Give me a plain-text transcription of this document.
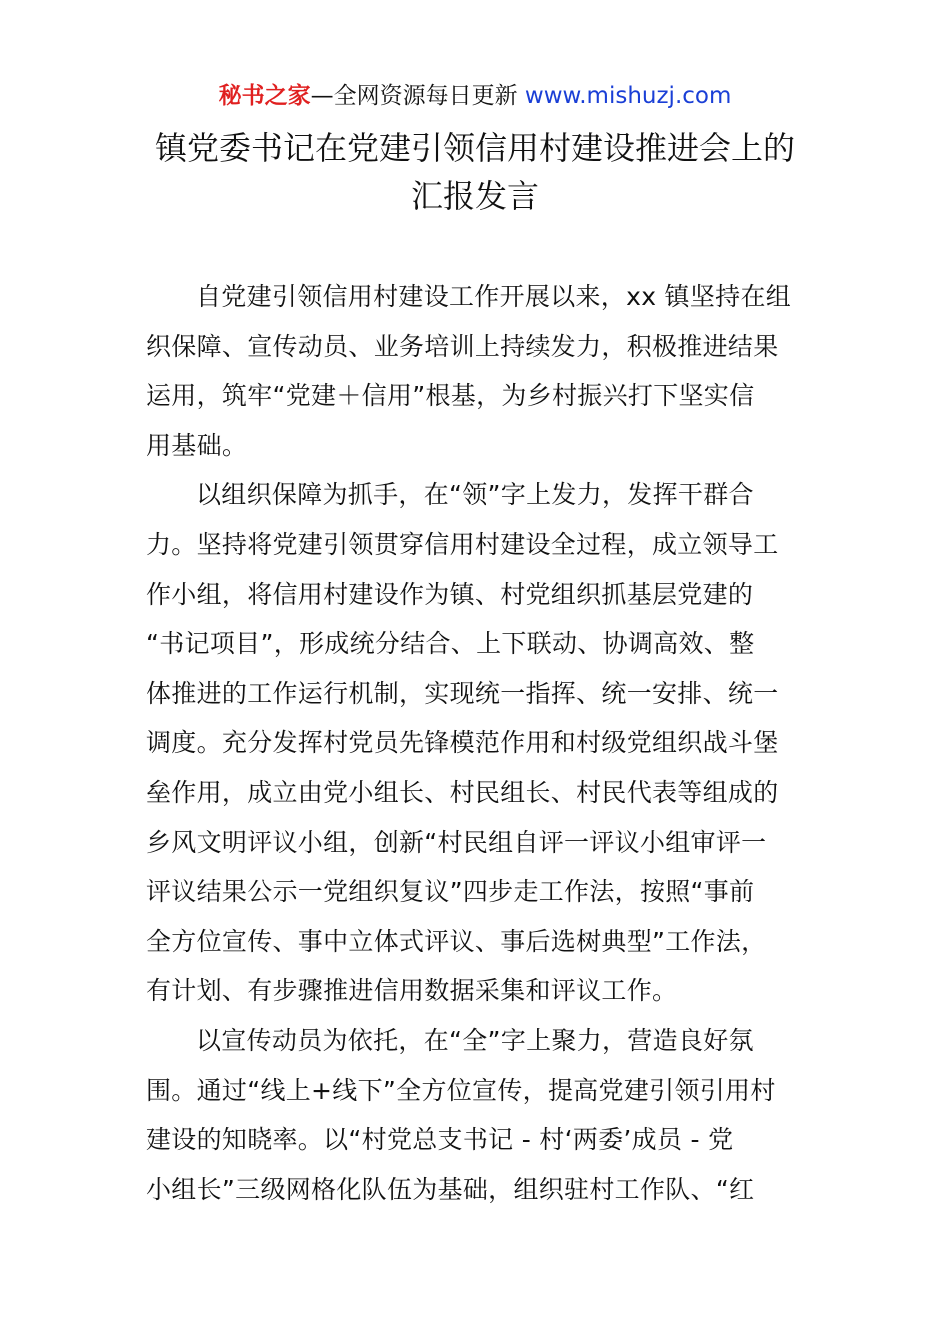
秘书之家—全网资源每日更新 www.mishuzj.com
镇党委书记在党建引领信用村建设推进会上的
汇报发言
自党建引领信用村建设工作开展以来，xx 镇坚持在组
织保障、宣传动员、业务培训上持续发力，积极推进结果
运用，筑牢“党建＋信用”根基，为乡村振兴打下坚实信
用基础。
以组织保障为抓手，在“领”字上发力，发挥干群合
力。坚持将党建引领贯穿信用村建设全过程，成立领导工
作小组，将信用村建设作为镇、村党组织抓基层党建的
“书记项目”，形成统分结合、上下联动、协调高效、整
体推进的工作运行机制，实现统一指挥、统一安排、统一
调度。充分发挥村党员先锋模范作用和村级党组织战斗堡
垒作用，成立由党小组长、村民组长、村民代表等组成的
乡风文明评议小组，创新“村民组自评一评议小组审评一
评议结果公示一党组织复议”四步走工作法，按照“事前
全方位宣传、事中立体式评议、事后选树典型”工作法，
有计划、有步骤推进信用数据采集和评议工作。
以宣传动员为依托，在“全”字上聚力，营造良好氛
围。通过“线上+线下”全方位宣传，提高党建引领引用村
建设的知晓率。以“村党总支书记 - 村‘两委’成员 - 党
小组长”三级网格化队伍为基础，组织驻村工作队、“红
